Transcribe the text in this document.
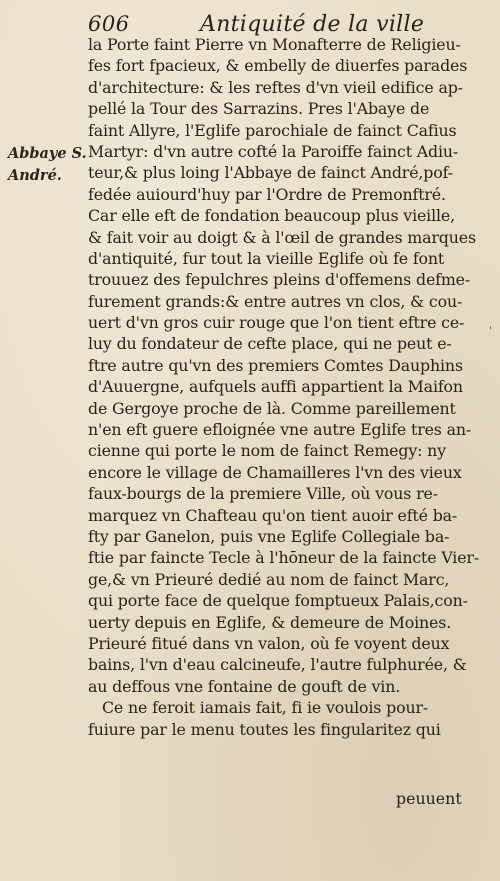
606	Antiquité de la ville
Abbaye S.
André.
la Porte faint Pierre vn Monafterre de Religieu-
fes fort fpacieux, & embelly de diuerfes parades
d'architecture: & les reftes d'vn vieil edifice ap-
pellé la Tour des Sarrazins. Pres l'Abaye de
faint Allyre, l'Eglife parochiale de fainct Cafius
Martyr: d'vn autre cofté la Paroiffe fainct Adiu-
teur,& plus loing l'Abbaye de fainct André,pof-
fedée auiourd'huy par l'Ordre de Premonftré.
Car elle eft de fondation beaucoup plus vieille,
& fait voir au doigt & à l'œil de grandes marques
d'antiquité, fur tout la vieille Eglife où fe font
trouuez des fepulchres pleins d'offemens defme-
furement grands:& entre autres vn clos, & cou-
uert d'vn gros cuir rouge que l'on tient eftre ce-
luy du fondateur de cefte place, qui ne peut e-
ftre autre qu'vn des premiers Comtes Dauphins
d'Auuergne, aufquels auffi appartient la Maifon
de Gergoye proche de là. Comme pareillement
n'en eft guere efloignée vne autre Eglife tres an-
cienne qui porte le nom de fainct Remegy: ny
encore le village de Chamailleres l'vn des vieux
faux-bourgs de la premiere Ville, où vous re-
marquez vn Chafteau qu'on tient auoir efté ba-
fty par Ganelon, puis vne Eglife Collegiale ba-
ftie par faincte Tecle à l'hōneur de la faincte Vier-
ge,& vn Prieuré dedié au nom de fainct Marc,
qui porte face de quelque fomptueux Palais,con-
uerty depuis en Eglife, & demeure de Moines.
Prieuré fitué dans vn valon, où fe voyent deux
bains, l'vn d'eau calcineufe, l'autre fulphurée, &
au deffous vne fontaine de gouft de vin.
Ce ne feroit iamais fait, fi ie voulois pour-
fuiure par le menu toutes les fingularitez qui
peuuent
'
